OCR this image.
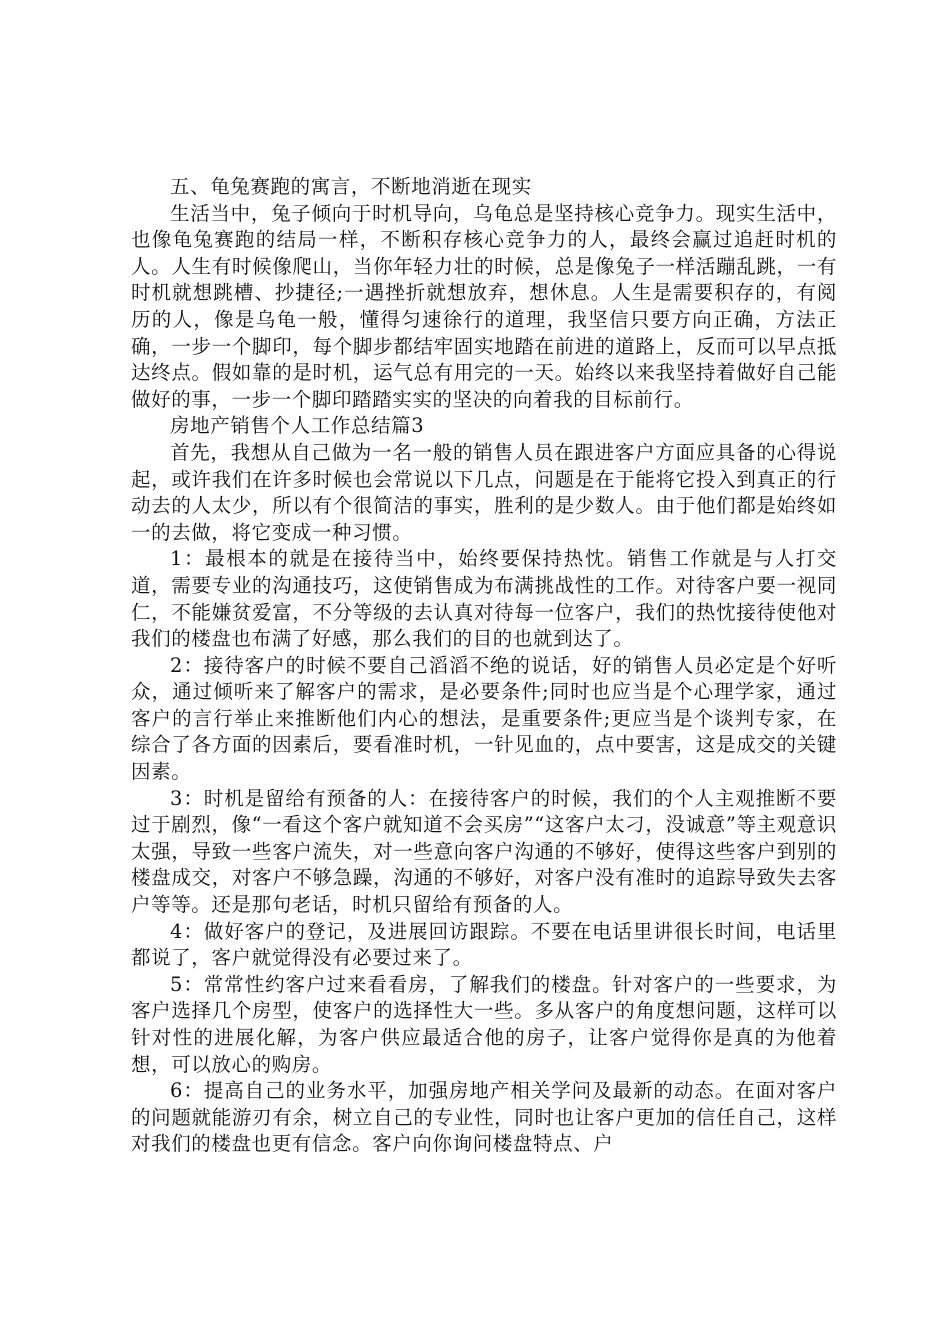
五、龟兔赛跑的寓言，不断地消逝在现实

生活当中，兔子倾向于时机导向，乌龟总是坚持核心竞争力。现实生活中，也像龟兔赛跑的结局一样，不断积存核心竞争力的人，最终会赢过追赶时机的人。人生有时候像爬山，当你年轻力壮的时候，总是像兔子一样活蹦乱跳，一有时机就想跳槽、抄捷径;一遇挫折就想放弃，想休息。人生是需要积存的，有阅历的人，像是乌龟一般，懂得匀速徐行的道理，我坚信只要方向正确，方法正确，一步一个脚印，每个脚步都结牢固实地踏在前进的道路上，反而可以早点抵达终点。假如靠的是时机，运气总有用完的一天。始终以来我坚持着做好自己能做好的事，一步一个脚印踏踏实实的坚决的向着我的目标前行。

房地产销售个人工作总结篇3

首先，我想从自己做为一名一般的销售人员在跟进客户方面应具备的心得说起，或许我们在许多时候也会常说以下几点，问题是在于能将它投入到真正的行动去的人太少，所以有个很简洁的事实，胜利的是少数人。由于他们都是始终如一的去做，将它变成一种习惯。

1：最根本的就是在接待当中，始终要保持热忱。销售工作就是与人打交道，需要专业的沟通技巧，这使销售成为布满挑战性的工作。对待客户要一视同仁，不能嫌贫爱富，不分等级的去认真对待每一位客户，我们的热忱接待使他对我们的楼盘也布满了好感，那么我们的目的也就到达了。

2：接待客户的时候不要自己滔滔不绝的说话，好的销售人员必定是个好听众，通过倾听来了解客户的需求，是必要条件;同时也应当是个心理学家，通过客户的言行举止来推断他们内心的想法，是重要条件;更应当是个谈判专家，在综合了各方面的因素后，要看准时机，一针见血的，点中要害，这是成交的关键因素。

3：时机是留给有预备的人：在接待客户的时候，我们的个人主观推断不要过于剧烈，像“一看这个客户就知道不会买房”“这客户太刁，没诚意”等主观意识太强，导致一些客户流失，对一些意向客户沟通的不够好，使得这些客户到别的楼盘成交，对客户不够急躁，沟通的不够好，对客户没有准时的追踪导致失去客户等等。还是那句老话，时机只留给有预备的人。

4：做好客户的登记，及进展回访跟踪。不要在电话里讲很长时间，电话里都说了，客户就觉得没有必要过来了。

5：常常性约客户过来看看房，了解我们的楼盘。针对客户的一些要求，为客户选择几个房型，使客户的选择性大一些。多从客户的角度想问题，这样可以针对性的进展化解，为客户供应最适合他的房子，让客户觉得你是真的为他着想，可以放心的购房。

6：提高自己的业务水平，加强房地产相关学问及最新的动态。在面对客户的问题就能游刃有余，树立自己的专业性，同时也让客户更加的信任自己，这样对我们的楼盘也更有信念。客户向你询问楼盘特点、户
